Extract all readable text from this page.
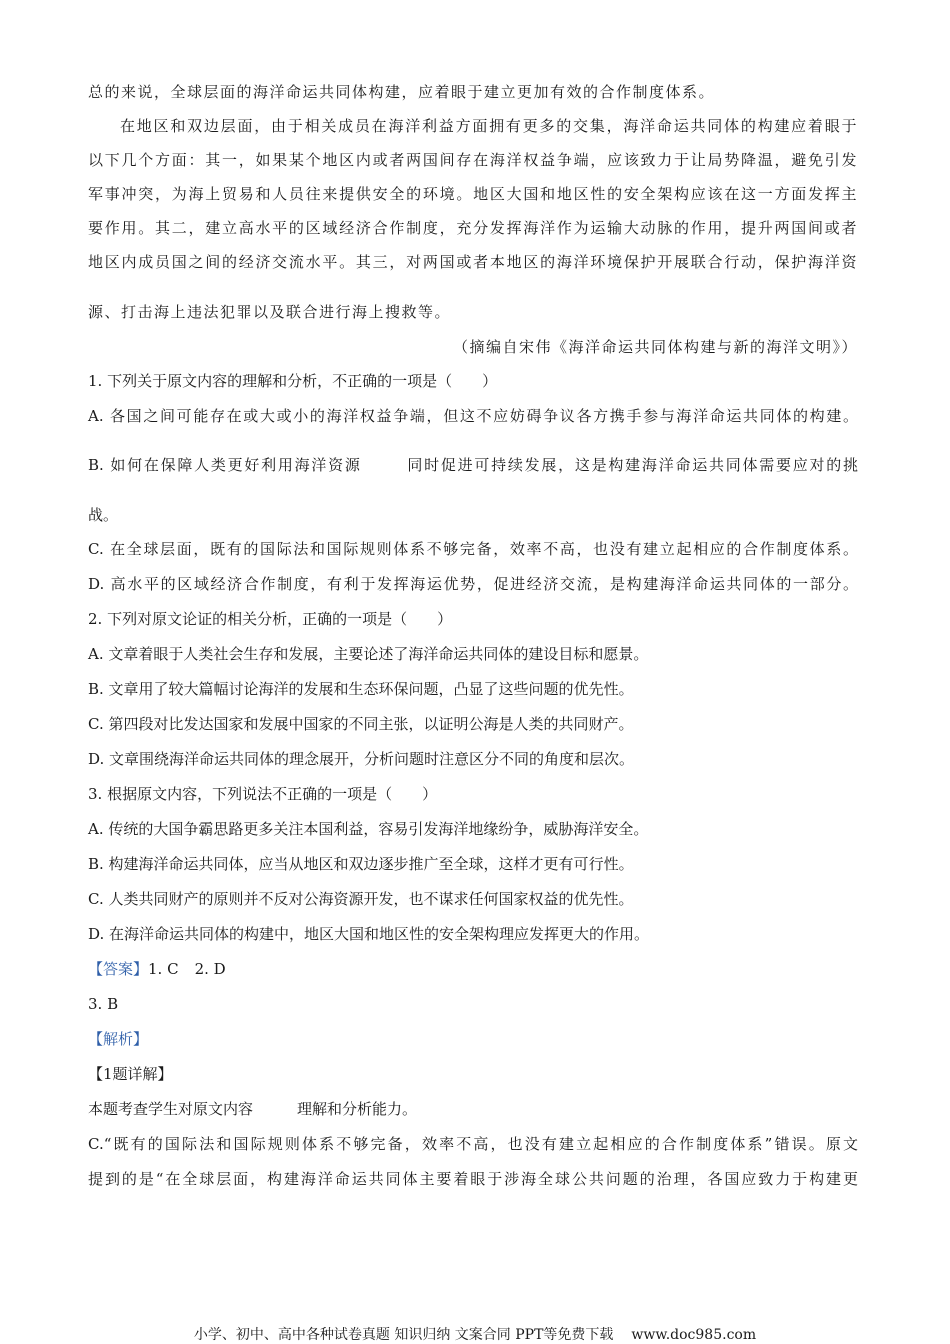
总的来说，全球层面的海洋命运共同体构建，应着眼于建立更加有效的合作制度体系。
在地区和双边层面，由于相关成员在海洋利益方面拥有更多的交集，海洋命运共同体的构建应着眼于
以下几个方面：其一，如果某个地区内或者两国间存在海洋权益争端，应该致力于让局势降温，避免引发
军事冲突，为海上贸易和人员往来提供安全的环境。地区大国和地区性的安全架构应该在这一方面发挥主
要作用。其二，建立高水平的区域经济合作制度，充分发挥海洋作为运输大动脉的作用，提升两国间或者
地区内成员国之间的经济交流水平。其三，对两国或者本地区的海洋环境保护开展联合行动，保护海洋资
源、打击海上违法犯罪以及联合进行海上搜救等。
（摘编自宋伟《海洋命运共同体构建与新的海洋文明》）
1. 下列关于原文内容的理解和分析，不正确的一项是（　　）
A. 各国之间可能存在或大或小的海洋权益争端，但这不应妨碍争议各方携手参与海洋命运共同体的构建。
B. 如何在保障人类更好利用海洋资源	同时促进可持续发展，这是构建海洋命运共同体需要应对的挑
战。
C. 在全球层面，既有的国际法和国际规则体系不够完备，效率不高，也没有建立起相应的合作制度体系。
D. 高水平的区域经济合作制度，有利于发挥海运优势，促进经济交流，是构建海洋命运共同体的一部分。
2. 下列对原文论证的相关分析，正确的一项是（　　）
A. 文章着眼于人类社会生存和发展，主要论述了海洋命运共同体的建设目标和愿景。
B. 文章用了较大篇幅讨论海洋的发展和生态环保问题，凸显了这些问题的优先性。
C. 第四段对比发达国家和发展中国家的不同主张，以证明公海是人类的共同财产。
D. 文章围绕海洋命运共同体的理念展开，分析问题时注意区分不同的角度和层次。
3. 根据原文内容，下列说法不正确的一项是（　　）
A. 传统的大国争霸思路更多关注本国利益，容易引发海洋地缘纷争，威胁海洋安全。
B. 构建海洋命运共同体，应当从地区和双边逐步推广至全球，这样才更有可行性。
C. 人类共同财产的原则并不反对公海资源开发，也不谋求任何国家权益的优先性。
D. 在海洋命运共同体的构建中，地区大国和地区性的安全架构理应发挥更大的作用。
【答案】1. C 2. D
3. B
【解析】
【1题详解】
本题考查学生对原文内容	理解和分析能力。
C.“既有的国际法和国际规则体系不够完备，效率不高，也没有建立起相应的合作制度体系”错误。原文
提到的是“在全球层面，构建海洋命运共同体主要着眼于涉海全球公共问题的治理，各国应致力于构建更
小学、初中、高中各种试卷真题 知识归纳 文案合同 PPT等免费下载 www.doc985.com
